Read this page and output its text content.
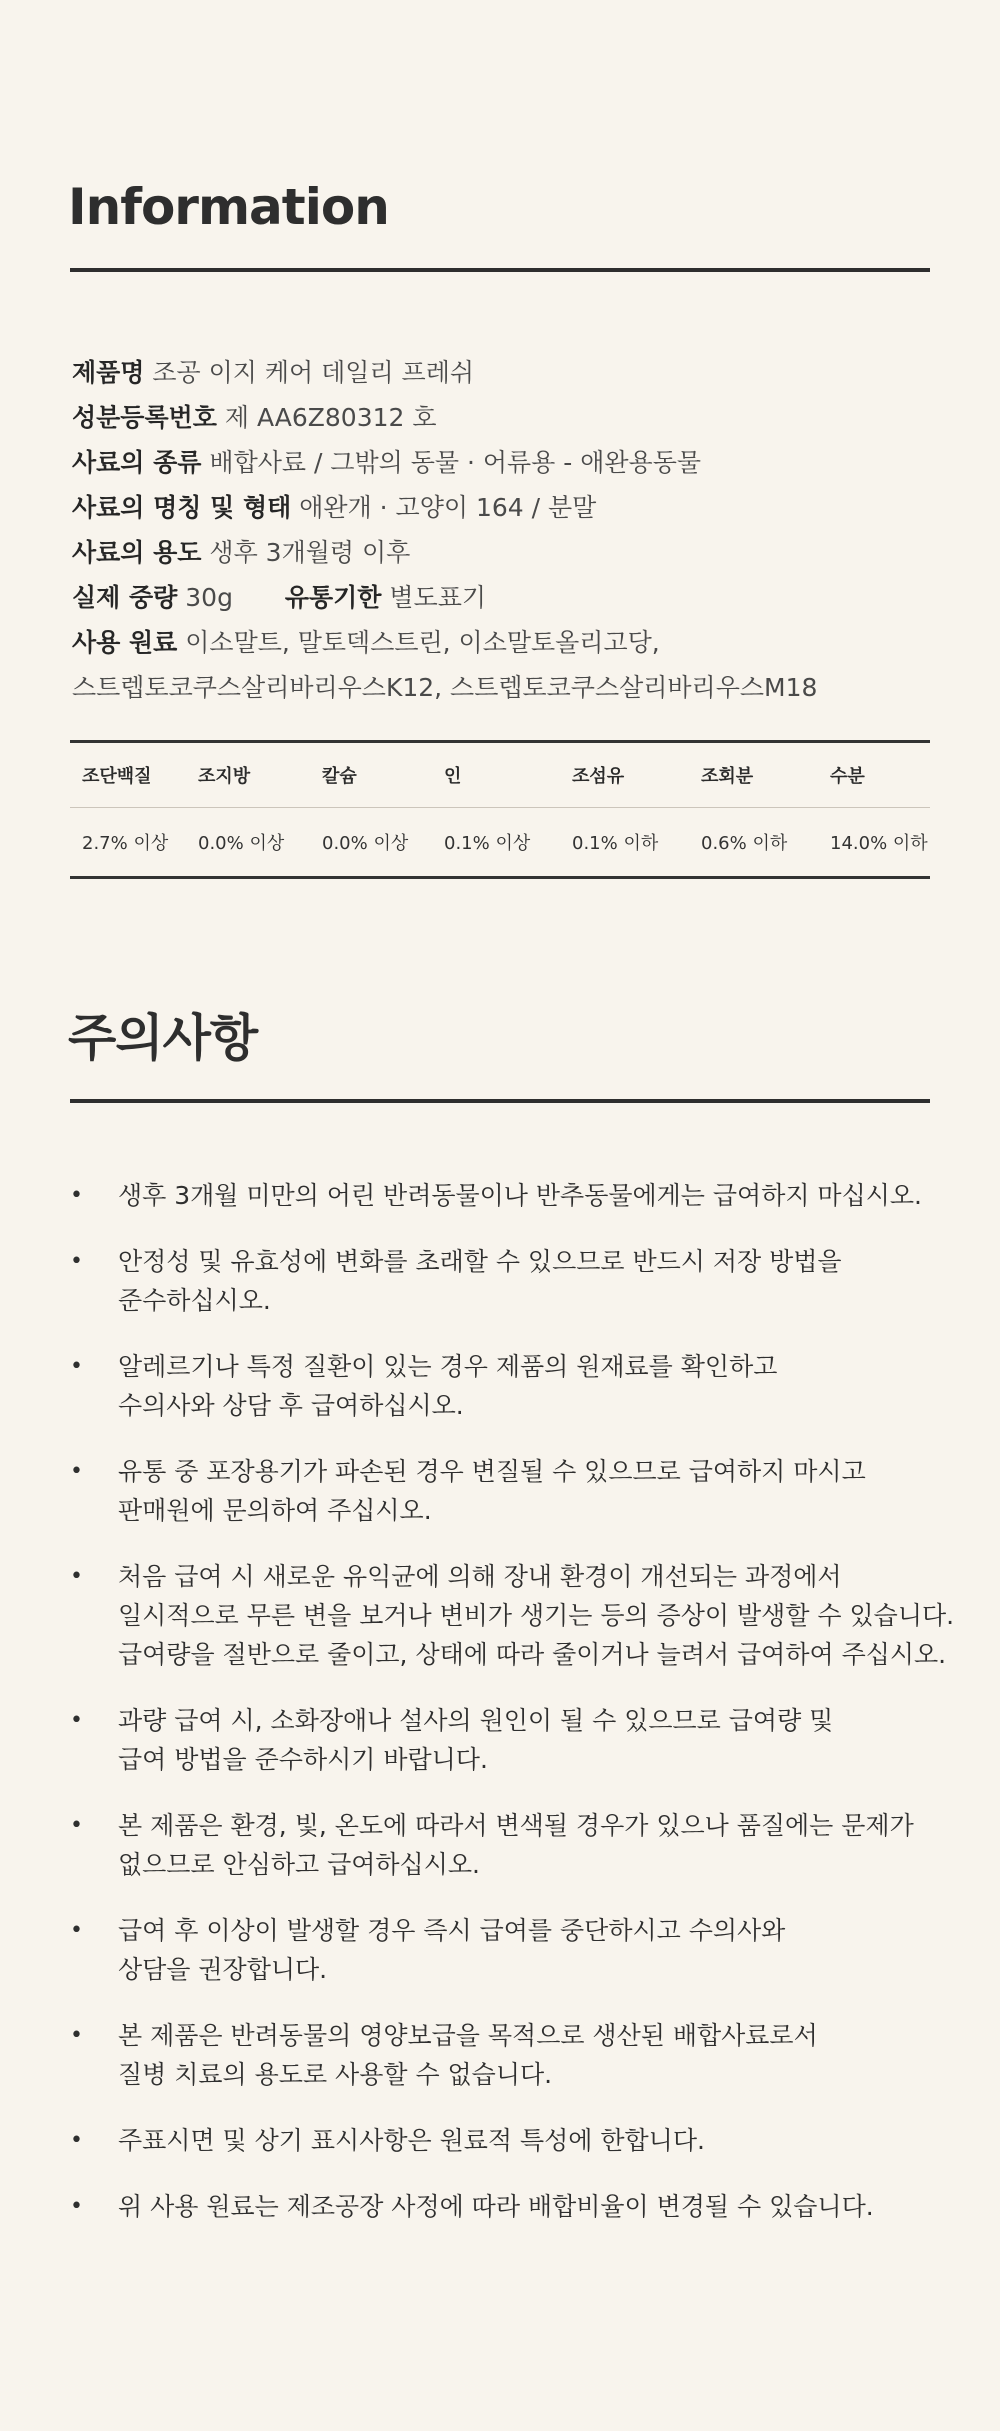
Information
제품명 조공 이지 케어 데일리 프레쉬
성분등록번호 제 AA6Z80312 호
사료의 종류 배합사료 / 그밖의 동물 · 어류용 - 애완용동물
사료의 명칭 및 형태 애완개 · 고양이 164 / 분말
사료의 용도 생후 3개월령 이후
실제 중량 30g 유통기한 별도표기
사용 원료 이소말트, 말토덱스트린, 이소말토올리고당,
스트렙토코쿠스살리바리우스K12, 스트렙토코쿠스살리바리우스M18
조단백질	조지방	칼슘	인	조섬유	조회분	수분
2.7% 이상	0.0% 이상	0.0% 이상	0.1% 이상	0.1% 이하	0.6% 이하	14.0% 이하
주의사항
• 생후 3개월 미만의 어린 반려동물이나 반추동물에게는 급여하지 마십시오.
• 안정성 및 유효성에 변화를 초래할 수 있으므로 반드시 저장 방법을
준수하십시오.
• 알레르기나 특정 질환이 있는 경우 제품의 원재료를 확인하고
수의사와 상담 후 급여하십시오.
• 유통 중 포장용기가 파손된 경우 변질될 수 있으므로 급여하지 마시고
판매원에 문의하여 주십시오.
• 처음 급여 시 새로운 유익균에 의해 장내 환경이 개선되는 과정에서
일시적으로 무른 변을 보거나 변비가 생기는 등의 증상이 발생할 수 있습니다.
급여량을 절반으로 줄이고, 상태에 따라 줄이거나 늘려서 급여하여 주십시오.
• 과량 급여 시, 소화장애나 설사의 원인이 될 수 있으므로 급여량 및
급여 방법을 준수하시기 바랍니다.
• 본 제품은 환경, 빛, 온도에 따라서 변색될 경우가 있으나 품질에는 문제가
없으므로 안심하고 급여하십시오.
• 급여 후 이상이 발생할 경우 즉시 급여를 중단하시고 수의사와
상담을 권장합니다.
• 본 제품은 반려동물의 영양보급을 목적으로 생산된 배합사료로서
질병 치료의 용도로 사용할 수 없습니다.
• 주표시면 및 상기 표시사항은 원료적 특성에 한합니다.
• 위 사용 원료는 제조공장 사정에 따라 배합비율이 변경될 수 있습니다.
